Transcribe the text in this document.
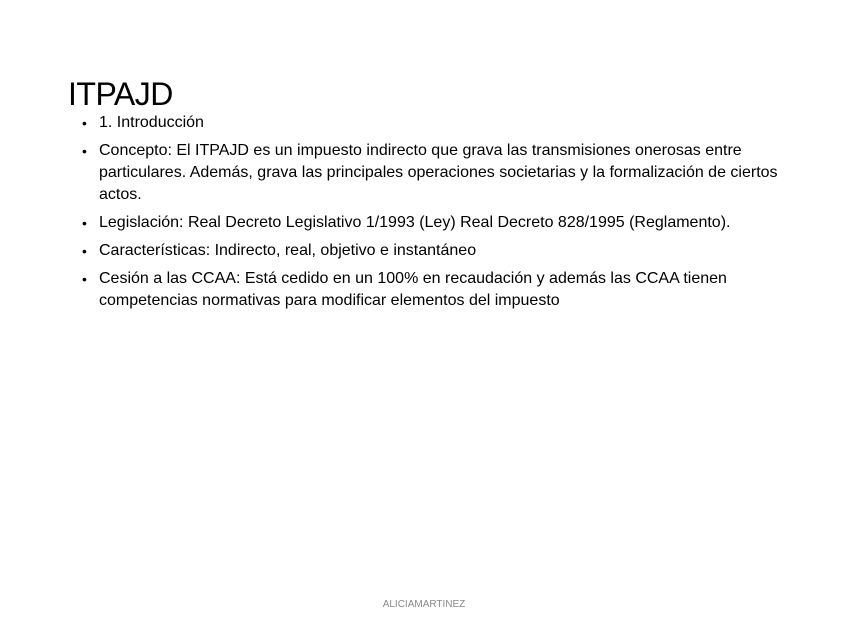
ITPAJD
• 1. Introducción
• Concepto: El ITPAJD es un impuesto indirecto que grava las transmisiones onerosas entre particulares. Además, grava las principales operaciones societarias y la formalización de ciertos actos.
• Legislación: Real Decreto Legislativo 1/1993 (Ley) Real Decreto 828/1995 (Reglamento).
• Características: Indirecto, real, objetivo e instantáneo
• Cesión a las CCAA: Está cedido en un 100% en recaudación y además las CCAA tienen competencias normativas para modificar elementos del impuesto
ALICIAMARTINEZ
